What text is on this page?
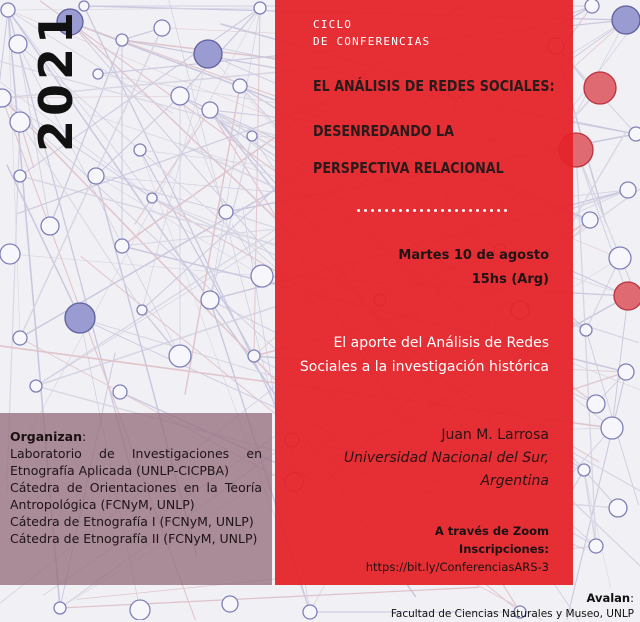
2021	CICLO
DE CONFERENCIAS
EL ANÁLISIS DE REDES SOCIALES:
DESENREDANDO LA
PERSPECTIVA RELACIONAL
Martes 10 de agosto
15hs (Arg)
El aporte del Análisis de Redes Sociales a la investigación histórica
Juan M. Larrosa
Universidad Nacional del Sur, Argentina
A través de Zoom
Inscripciones:
https://bit.ly/ConferenciasARS-3
Organizan:
Laboratorio de Investigaciones en Etnografía Aplicada (UNLP-CICPBA)
Cátedra de Orientaciones en la Teoría Antropológica (FCNyM, UNLP)
Cátedra de Etnografía I (FCNyM, UNLP)
Cátedra de Etnografía II (FCNyM, UNLP)
Avalan:
Facultad de Ciencias Naturales y Museo, UNLP
